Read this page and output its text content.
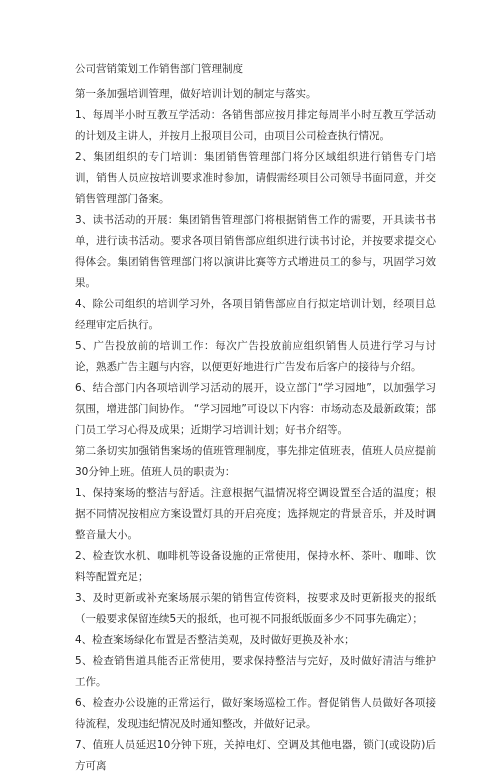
公司营销策划工作销售部门管理制度

第一条加强培训管理，做好培训计划的制定与落实。

1、每周半小时互教互学活动：各销售部应按月排定每周半小时互教互学活动的计划及主讲人，并按月上报项目公司，由项目公司检查执行情况。

2、集团组织的专门培训：集团销售管理部门将分区域组织进行销售专门培训，销售人员应按培训要求准时参加，请假需经项目公司领导书面同意，并交销售管理部门备案。

3、读书活动的开展：集团销售管理部门将根据销售工作的需要，开具读书书单，进行读书活动。要求各项目销售部应组织进行读书讨论，并按要求提交心得体会。集团销售管理部门将以演讲比赛等方式增进员工的参与，巩固学习效果。

4、除公司组织的培训学习外，各项目销售部应自行拟定培训计划，经项目总经理审定后执行。

5、广告投放前的培训工作：每次广告投放前应组织销售人员进行学习与讨论，熟悉广告主题与内容，以便更好地进行广告发布后客户的接待与介绍。

6、结合部门内各项培训学习活动的展开，设立部门“学习园地”，以加强学习氛围，增进部门间协作。 “学习园地”可设以下内容：市场动态及最新政策；部门员工学习心得及成果；近期学习培训计划；好书介绍等。

第二条切实加强销售案场的值班管理制度，事先排定值班表，值班人员应提前30分钟上班。值班人员的职责为：

1、保持案场的整洁与舒适。注意根据气温情况将空调设置至合适的温度；根据不同情况按相应方案设置灯具的开启亮度；选择规定的背景音乐，并及时调整音量大小。

2、检查饮水机、咖啡机等设备设施的正常使用，保持水杯、茶叶、咖啡、饮料等配置充足；

3、及时更新或补充案场展示架的销售宣传资料，按要求及时更新报夹的报纸（一般要求保留连续5天的报纸，也可视不同报纸版面多少不同事先确定）；

4、检查案场绿化布置是否整洁美观，及时做好更换及补水；

5、检查销售道具能否正常使用，要求保持整洁与完好，及时做好清洁与维护工作。

6、检查办公设施的正常运行，做好案场巡检工作。督促销售人员做好各项接待流程，发现违纪情况及时通知整改，并做好记录。

7、值班人员延迟10分钟下班，关掉电灯、空调及其他电器，锁门(或设防)后方可离
